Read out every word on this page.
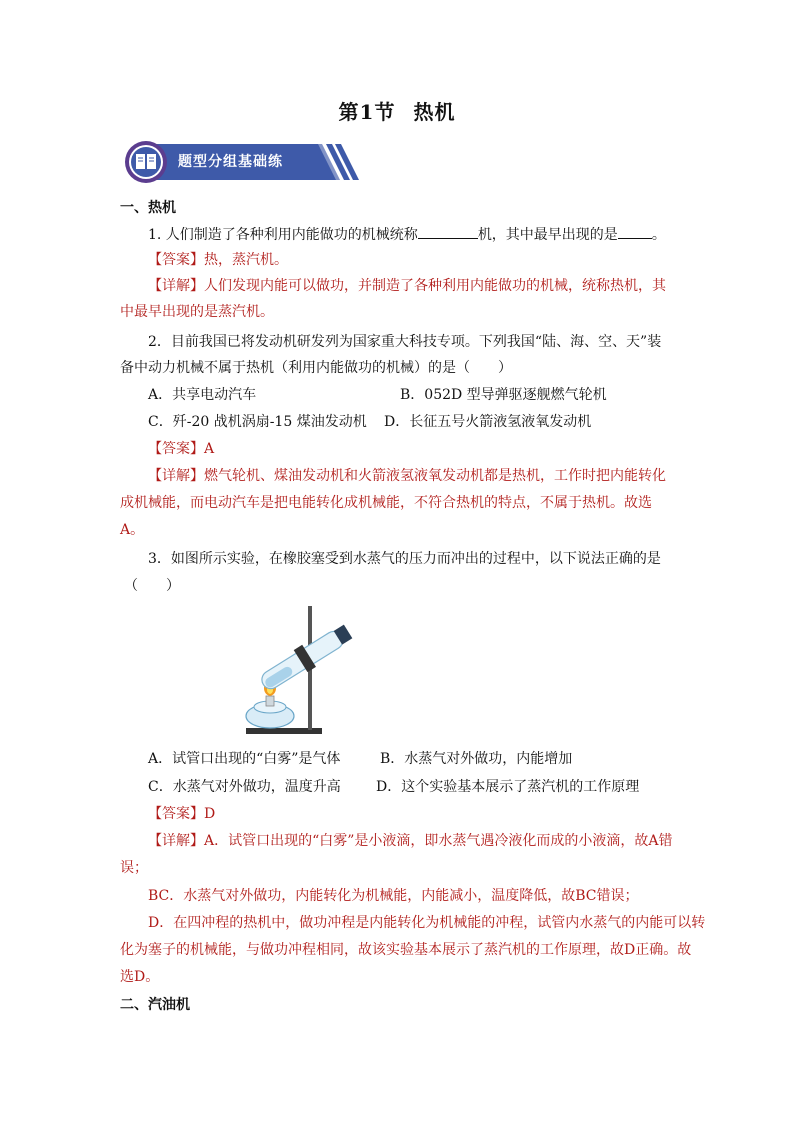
第1节 热机
题型分组基础练
一、热机
1. 人们制造了各种利用内能做功的机械统称	机，其中最早出现的是 。
【答案】热，蒸汽机。
【详解】人们发现内能可以做功，并制造了各种利用内能做功的机械，统称热机，其
中最早出现的是蒸汽机。
2．目前我国已将发动机研发列为国家重大科技专项。下列我国“陆、海、空、天”装
备中动力机械不属于热机（利用内能做功的机械）的是（　　）
A．共享电动汽车	B．052D 型导弹驱逐舰燃气轮机
C．歼-20 战机涡扇-15 煤油发动机 D．长征五号火箭液氢液氧发动机
【答案】A
【详解】燃气轮机、煤油发动机和火箭液氢液氧发动机都是热机，工作时把内能转化
成机械能，而电动汽车是把电能转化成机械能，不符合热机的特点，不属于热机。故选
A。
3．如图所示实验，在橡胶塞受到水蒸气的压力而冲出的过程中，以下说法正确的是
（　　）
A．试管口出现的“白雾”是气体	B．水蒸气对外做功，内能增加
C．水蒸气对外做功，温度升高	D．这个实验基本展示了蒸汽机的工作原理
【答案】D
【详解】A．试管口出现的“白雾”是小液滴，即水蒸气遇冷液化而成的小液滴，故A错
误；
BC．水蒸气对外做功，内能转化为机械能，内能减小，温度降低，故BC错误；
D．在四冲程的热机中，做功冲程是内能转化为机械能的冲程，试管内水蒸气的内能可以转
化为塞子的机械能，与做功冲程相同，故该实验基本展示了蒸汽机的工作原理，故D正确。故
选D。
二、汽油机
